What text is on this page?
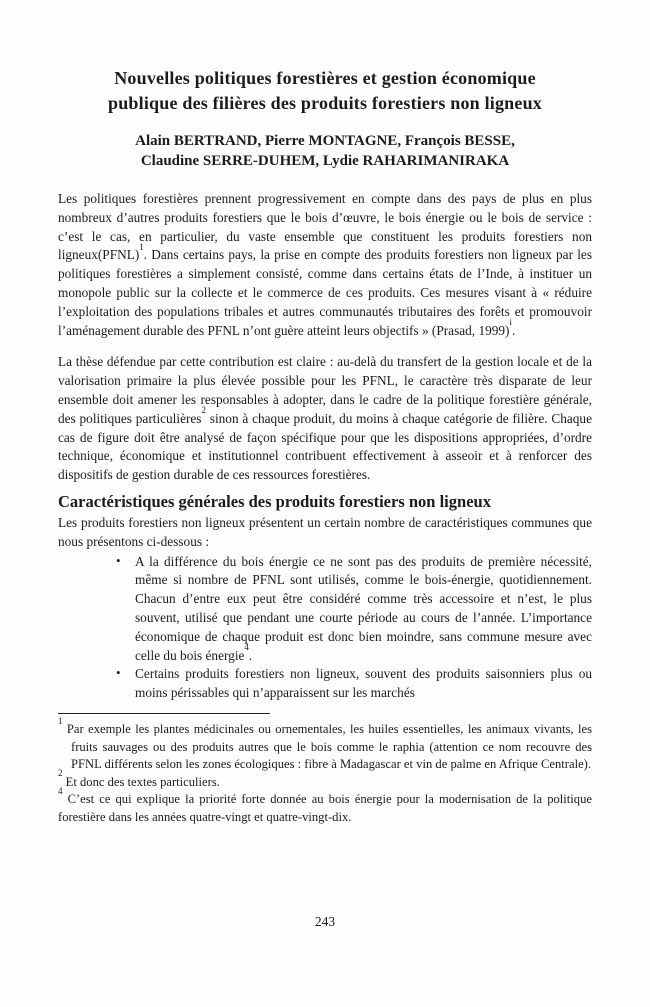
Nouvelles politiques forestières et gestion économique
publique des filières des produits forestiers non ligneux
Alain BERTRAND, Pierre MONTAGNE, François BESSE,
Claudine SERRE-DUHEM, Lydie RAHARIMANIRAKA

Les politiques forestières prennent progressivement en compte dans des pays de plus en plus nombreux d’autres produits forestiers que le bois d’œuvre, le bois énergie ou le bois de service : c’est le cas, en particulier, du vaste ensemble que constituent les produits forestiers non ligneux(PFNL)$^1$. Dans certains pays, la prise en compte des produits forestiers non ligneux par les politiques forestières a simplement consisté, comme dans certains états de l’Inde, à instituer un monopole public sur la collecte et le commerce de ces produits. Ces mesures visant à « réduire l’exploitation des populations tribales et autres communautés tributaires des forêts et promouvoir l’aménagement durable des PFNL n’ont guère atteint leurs objectifs » (Prasad, 1999)$^i$.

La thèse défendue par cette contribution est claire : au-delà du transfert de la gestion locale et de la valorisation primaire la plus élevée possible pour les PFNL, le caractère très disparate de leur ensemble doit amener les responsables à adopter, dans le cadre de la politique forestière générale, des politiques particulières$^2$ sinon à chaque produit, du moins à chaque catégorie de filière. Chaque cas de figure doit être analysé de façon spécifique pour que les dispositions appropriées, d’ordre technique, économique et institutionnel contribuent effectivement à asseoir et à renforcer des dispositifs de gestion durable de ces ressources forestières.

Caractéristiques générales des produits forestiers non ligneux

Les produits forestiers non ligneux présentent un certain nombre de caractéristiques communes que nous présentons ci-dessous :

• A la différence du bois énergie ce ne sont pas des produits de première nécessité, même si nombre de PFNL sont utilisés, comme le bois-énergie, quotidiennement. Chacun d’entre eux peut être considéré comme très accessoire et n’est, le plus souvent, utilisé que pendant une courte période au cours de l’année. L’importance économique de chaque produit est donc bien moindre, sans commune mesure avec celle du bois énergie$^4$.
• Certains produits forestiers non ligneux, souvent des produits saisonniers plus ou moins périssables qui n’apparaissent sur les marchés

$^1$ Par exemple les plantes médicinales ou ornementales, les huiles essentielles, les animaux vivants, les fruits sauvages ou des produits autres que le bois comme le raphia (attention ce nom recouvre des PFNL différents selon les zones écologiques : fibre à Madagascar et vin de palme en Afrique Centrale).

$^2$ Et donc des textes particuliers.

$^4$ C’est ce qui explique la priorité forte donnée au bois énergie pour la modernisation de la politique forestière dans les années quatre-vingt et quatre-vingt-dix.

243
